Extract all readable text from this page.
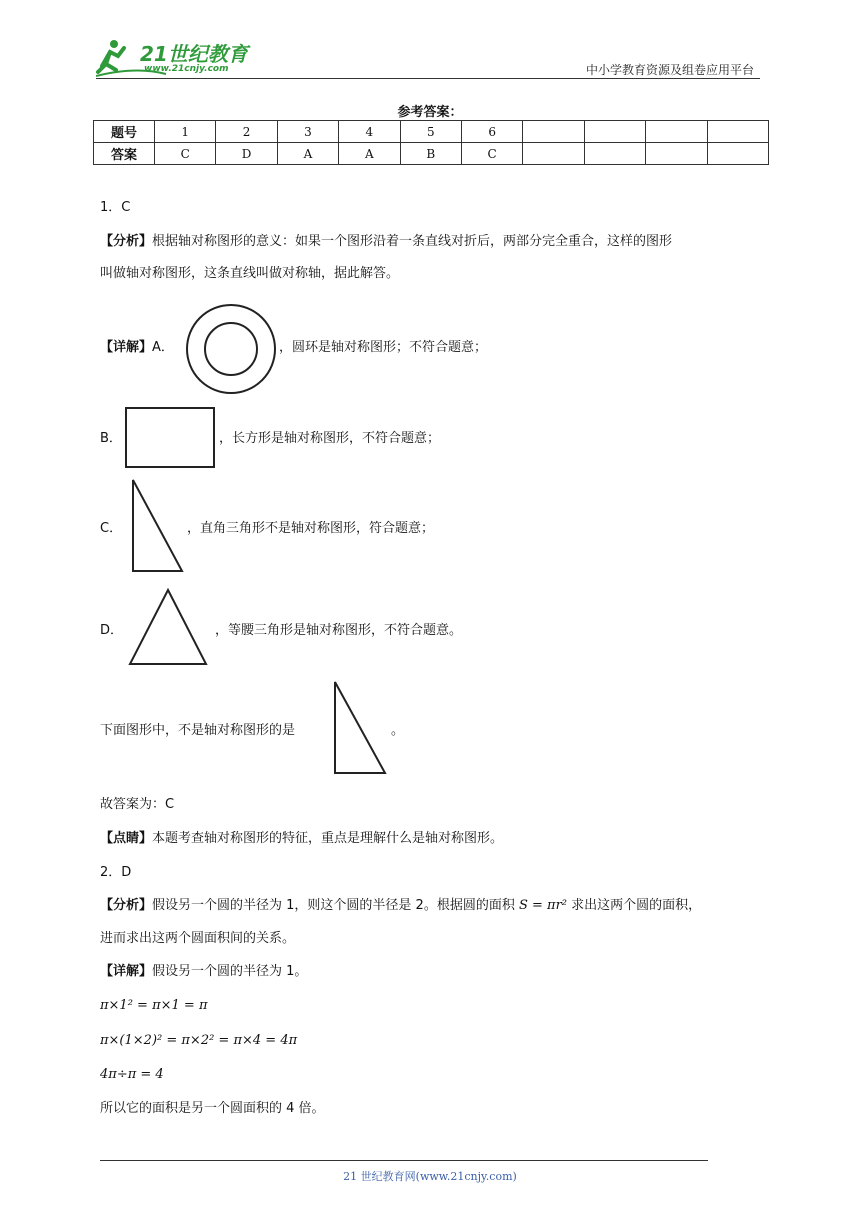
21世纪教育
www.21cnjy.com	中小学教育资源及组卷应用平台
参考答案：
题号	1	2	3	4	5	6				
答案	C	D	A	A	B	C				
1．C
【分析】根据轴对称图形的意义：如果一个图形沿着一条直线对折后，两部分完全重合，这样的图形
叫做轴对称图形，这条直线叫做对称轴，据此解答。
【详解】A．	，圆环是轴对称图形；不符合题意；
B．	，长方形是轴对称图形，不符合题意；
C．	，直角三角形不是轴对称图形，符合题意；
D．	，等腰三角形是轴对称图形，不符合题意。
下面图形中，不是轴对称图形的是	。
故答案为：C
【点睛】本题考查轴对称图形的特征，重点是理解什么是轴对称图形。
2．D
【分析】假设另一个圆的半径为 1，则这个圆的半径是 2。根据圆的面积 S = πr² 求出这两个圆的面积，
进而求出这两个圆面积间的关系。
【详解】假设另一个圆的半径为 1。
π×1² = π×1 = π
π×(1×2)² = π×2² = π×4 = 4π
4π÷π = 4
所以它的面积是另一个圆面积的 4 倍。
21 世纪教育网(www.21cnjy.com)
